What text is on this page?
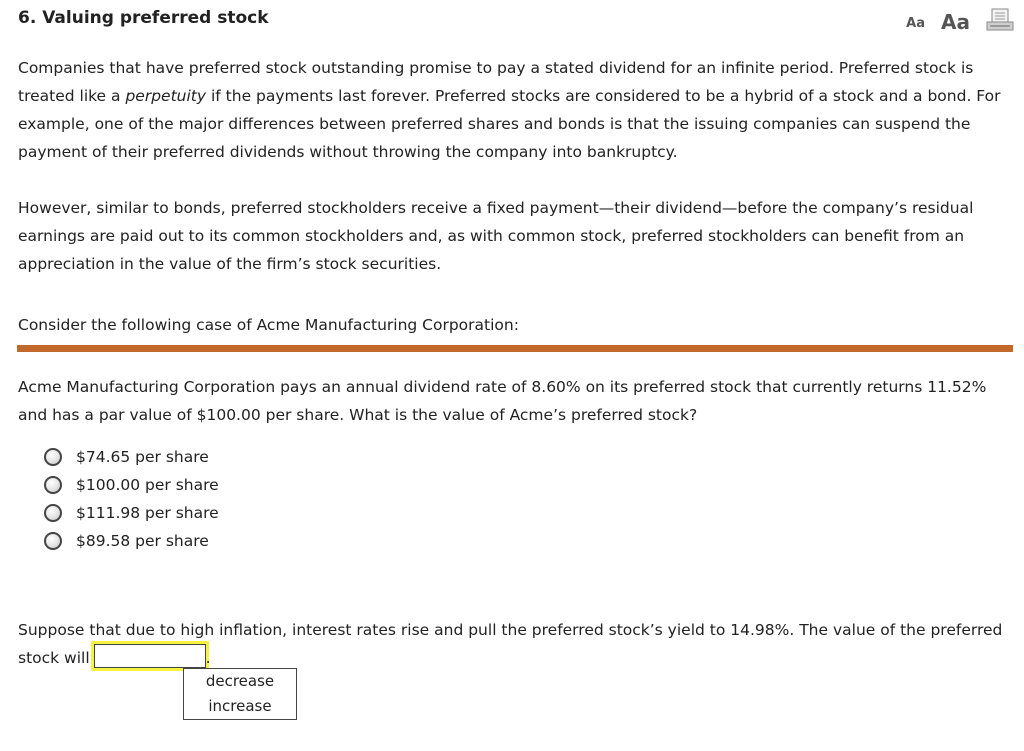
6. Valuing preferred stock	Aa Aa
Companies that have preferred stock outstanding promise to pay a stated dividend for an infinite period. Preferred stock is treated like a perpetuity if the payments last forever. Preferred stocks are considered to be a hybrid of a stock and a bond. For example, one of the major differences between preferred shares and bonds is that the issuing companies can suspend the payment of their preferred dividends without throwing the company into bankruptcy.
However, similar to bonds, preferred stockholders receive a fixed payment—their dividend—before the company’s residual earnings are paid out to its common stockholders and, as with common stock, preferred stockholders can benefit from an appreciation in the value of the firm’s stock securities.
Consider the following case of Acme Manufacturing Corporation:
Acme Manufacturing Corporation pays an annual dividend rate of 8.60% on its preferred stock that currently returns 11.52% and has a par value of $100.00 per share. What is the value of Acme’s preferred stock?
$74.65 per share
$100.00 per share
$111.98 per share
$89.58 per share
Suppose that due to high inflation, interest rates rise and pull the preferred stock’s yield to 14.98%. The value of the preferred stock will	.
decrease
increase
